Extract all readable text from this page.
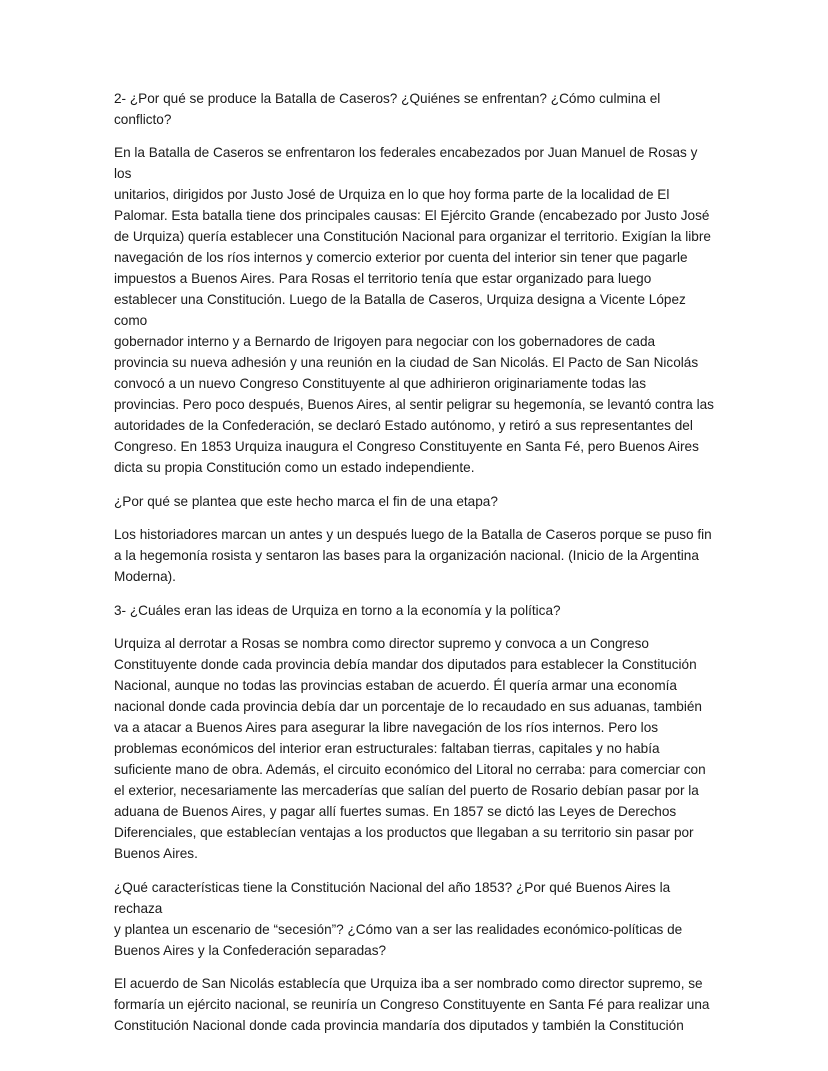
2- ¿Por qué se produce la Batalla de Caseros? ¿Quiénes se enfrentan? ¿Cómo culmina el conflicto?

En la Batalla de Caseros se enfrentaron los federales encabezados por Juan Manuel de Rosas y los
unitarios, dirigidos por Justo José de Urquiza en lo que hoy forma parte de la localidad de El
Palomar. Esta batalla tiene dos principales causas: El Ejército Grande (encabezado por Justo José
de Urquiza) quería establecer una Constitución Nacional para organizar el territorio. Exigían la libre
navegación de los ríos internos y comercio exterior por cuenta del interior sin tener que pagarle
impuestos a Buenos Aires. Para Rosas el territorio tenía que estar organizado para luego
establecer una Constitución. Luego de la Batalla de Caseros, Urquiza designa a Vicente López como
gobernador interno y a Bernardo de Irigoyen para negociar con los gobernadores de cada
provincia su nueva adhesión y una reunión en la ciudad de San Nicolás. El Pacto de San Nicolás
convocó a un nuevo Congreso Constituyente al que adhirieron originariamente todas las
provincias. Pero poco después, Buenos Aires, al sentir peligrar su hegemonía, se levantó contra las
autoridades de la Confederación, se declaró Estado autónomo, y retiró a sus representantes del
Congreso. En 1853 Urquiza inaugura el Congreso Constituyente en Santa Fé, pero Buenos Aires
dicta su propia Constitución como un estado independiente.

¿Por qué se plantea que este hecho marca el fin de una etapa?

Los historiadores marcan un antes y un después luego de la Batalla de Caseros porque se puso fin
a la hegemonía rosista y sentaron las bases para la organización nacional. (Inicio de la Argentina
Moderna).

3- ¿Cuáles eran las ideas de Urquiza en torno a la economía y la política?

Urquiza al derrotar a Rosas se nombra como director supremo y convoca a un Congreso
Constituyente donde cada provincia debía mandar dos diputados para establecer la Constitución
Nacional, aunque no todas las provincias estaban de acuerdo. Él quería armar una economía
nacional donde cada provincia debía dar un porcentaje de lo recaudado en sus aduanas, también
va a atacar a Buenos Aires para asegurar la libre navegación de los ríos internos. Pero los
problemas económicos del interior eran estructurales: faltaban tierras, capitales y no había
suficiente mano de obra. Además, el circuito económico del Litoral no cerraba: para comerciar con
el exterior, necesariamente las mercaderías que salían del puerto de Rosario debían pasar por la
aduana de Buenos Aires, y pagar allí fuertes sumas. En 1857 se dictó las Leyes de Derechos
Diferenciales, que establecían ventajas a los productos que llegaban a su territorio sin pasar por
Buenos Aires.

¿Qué características tiene la Constitución Nacional del año 1853? ¿Por qué Buenos Aires la rechaza
y plantea un escenario de “secesión”? ¿Cómo van a ser las realidades económico-políticas de
Buenos Aires y la Confederación separadas?

El acuerdo de San Nicolás establecía que Urquiza iba a ser nombrado como director supremo, se
formaría un ejército nacional, se reuniría un Congreso Constituyente en Santa Fé para realizar una
Constitución Nacional donde cada provincia mandaría dos diputados y también la Constitución
